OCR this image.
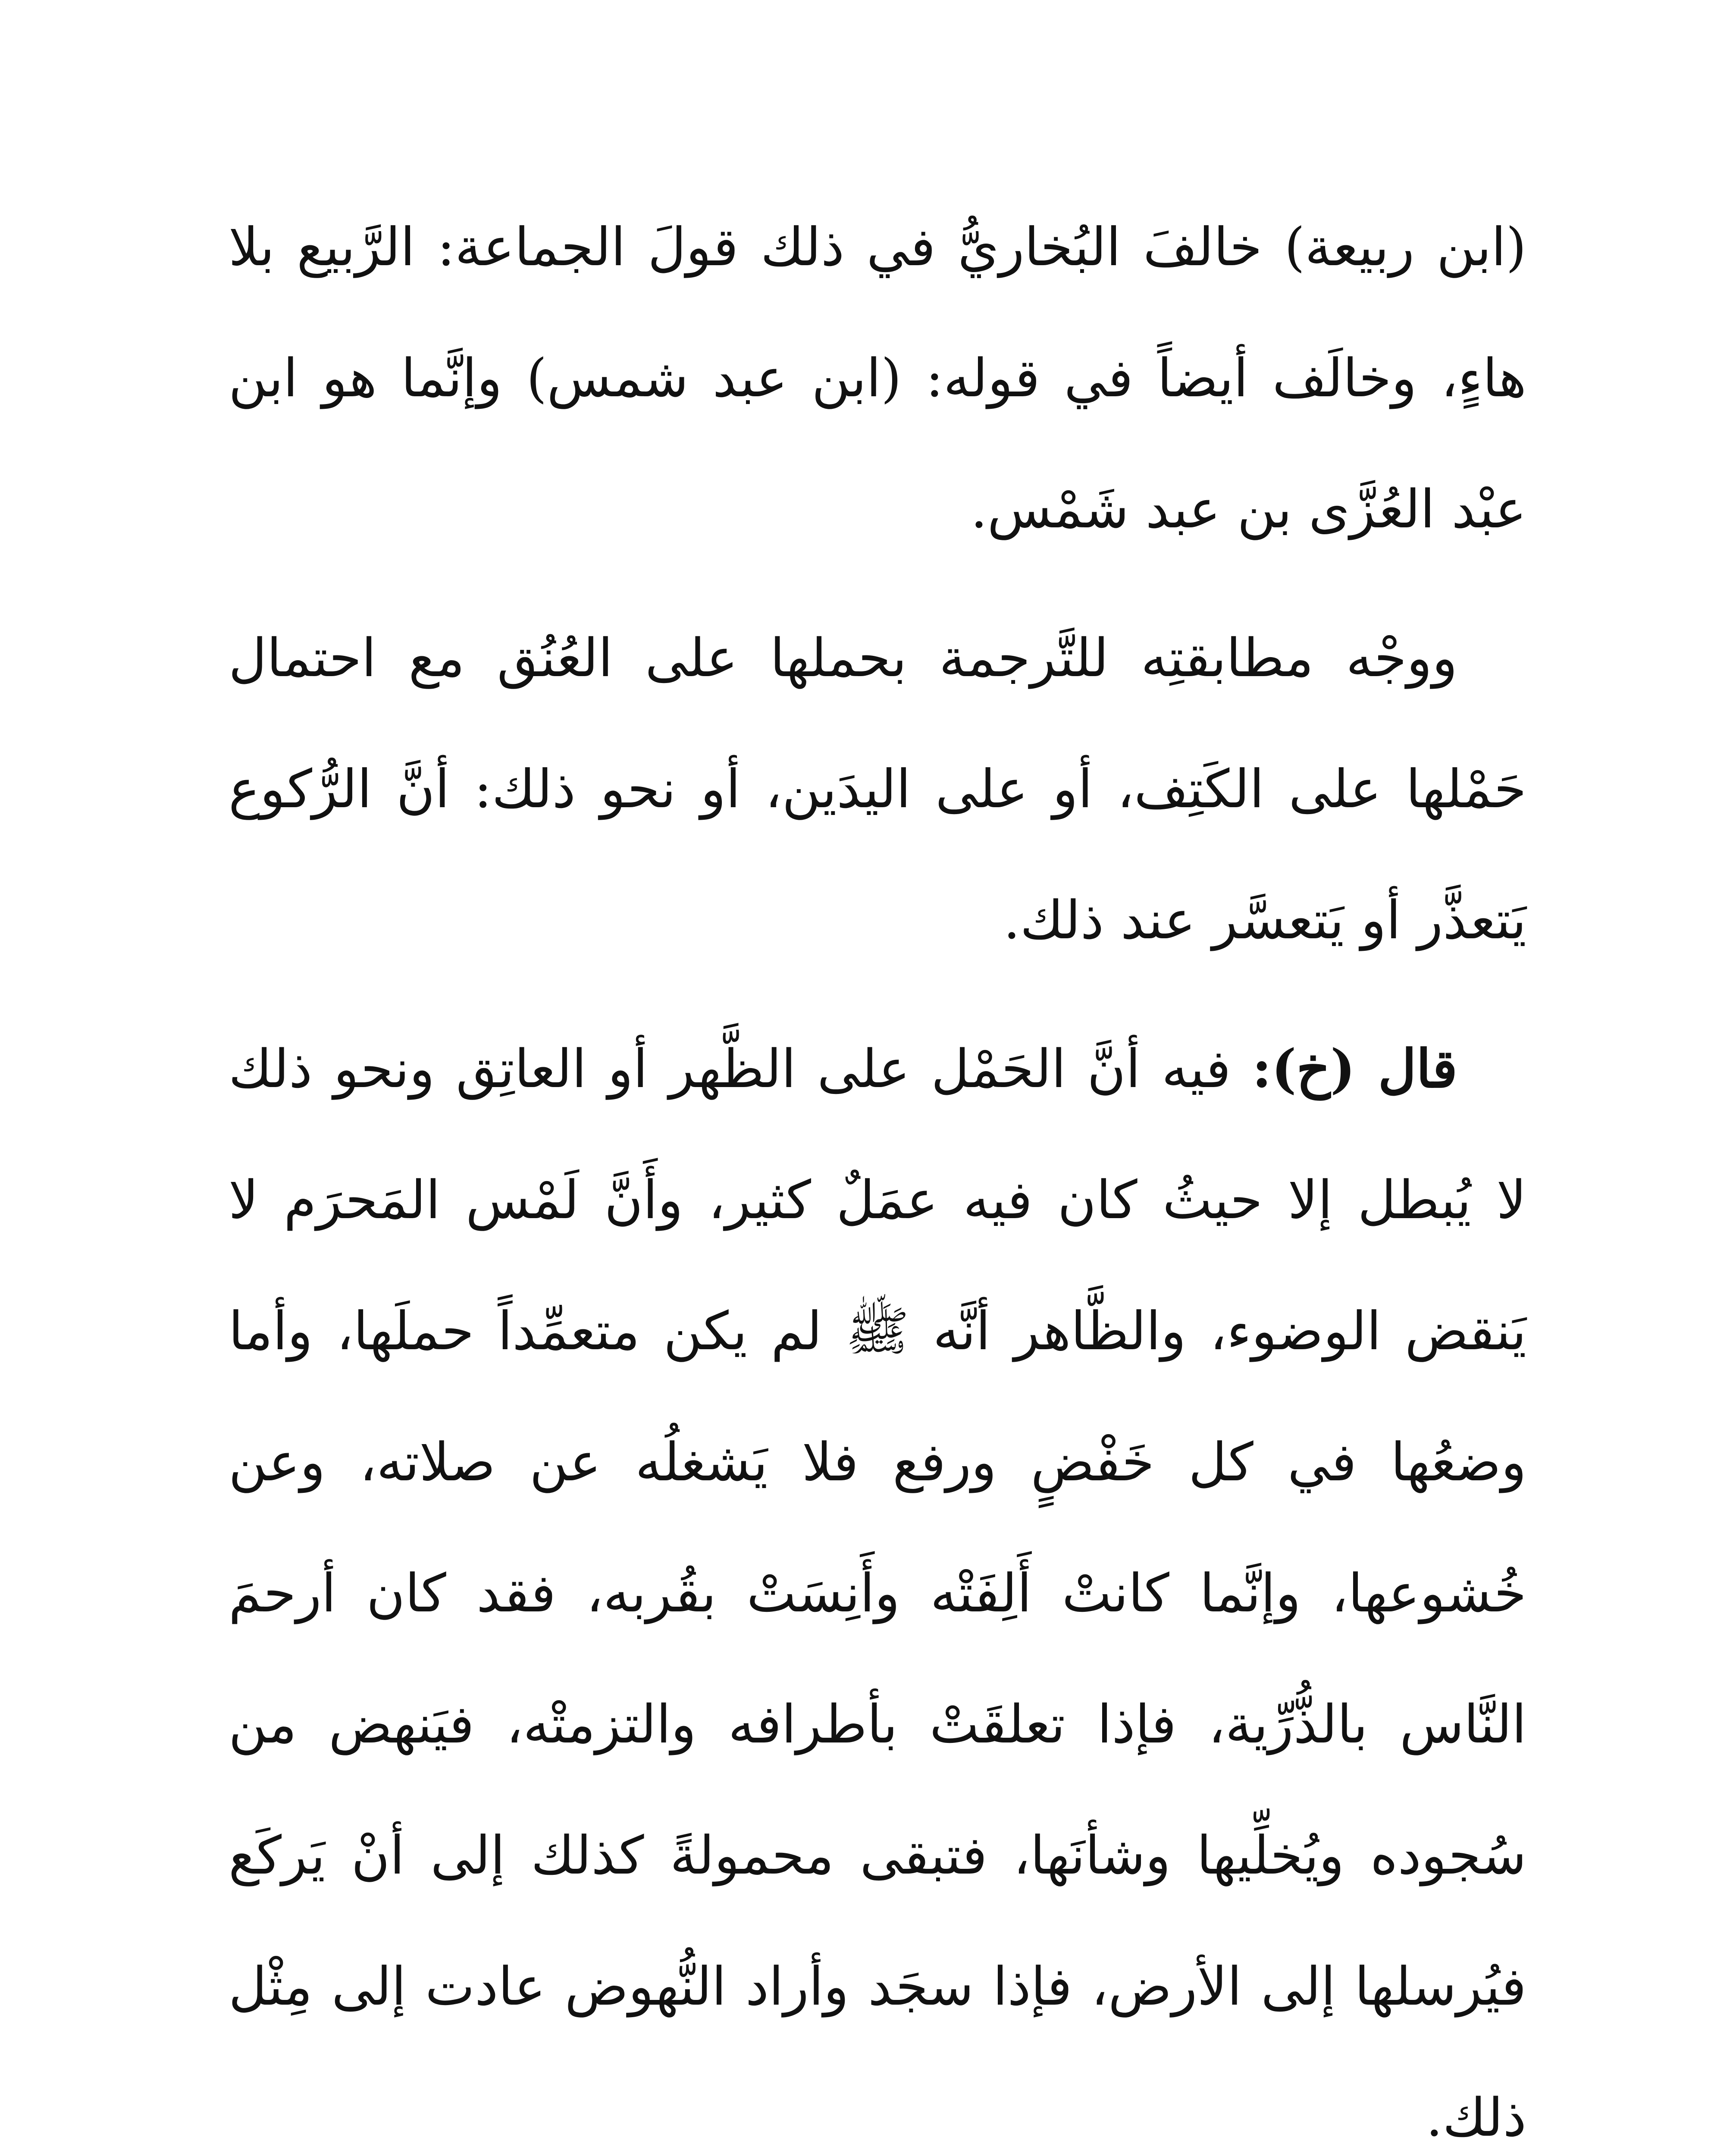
(ابن ربيعة) خالفَ البُخاريُّ في ذلك قولَ الجماعة: الرَّبيع بلا هاءٍ، وخالَف أيضاً في قوله: (ابن عبد شمس) وإنَّما هو ابن عبْد العُزَّى بن عبد شَمْس.

ووجْه مطابقتِه للتَّرجمة بحملها على العُنُق مع احتمال حَمْلها على الكَتِف، أو على اليدَين، أو نحو ذلك: أنَّ الرُّكوع يَتعذَّر أو يَتعسَّر عند ذلك.

قال (خ): فيه أنَّ الحَمْل على الظَّهر أو العاتِق ونحو ذلك لا يُبطل إلا حيثُ كان فيه عمَلٌ كثير، وأَنَّ لَمْس المَحرَم لا يَنقض الوضوء، والظَّاهر أنَّه ﷺ لم يكن متعمِّداً حملَها، وأما وضعُها في كل خَفْضٍ ورفع فلا يَشغلُه عن صلاته، وعن خُشوعها، وإنَّما كانتْ أَلِفَتْه وأَنِسَتْ بقُربه، فقد كان أرحمَ النَّاس بالذُّرِّية، فإذا تعلقَتْ بأطرافه والتزمتْه، فيَنهض من سُجوده ويُخلِّيها وشأنَها، فتبقى محمولةً كذلك إلى أنْ يَركَع فيُرسلها إلى الأرض، فإذا سجَد وأراد النُّهوض عادت إلى مِثْل ذلك.
